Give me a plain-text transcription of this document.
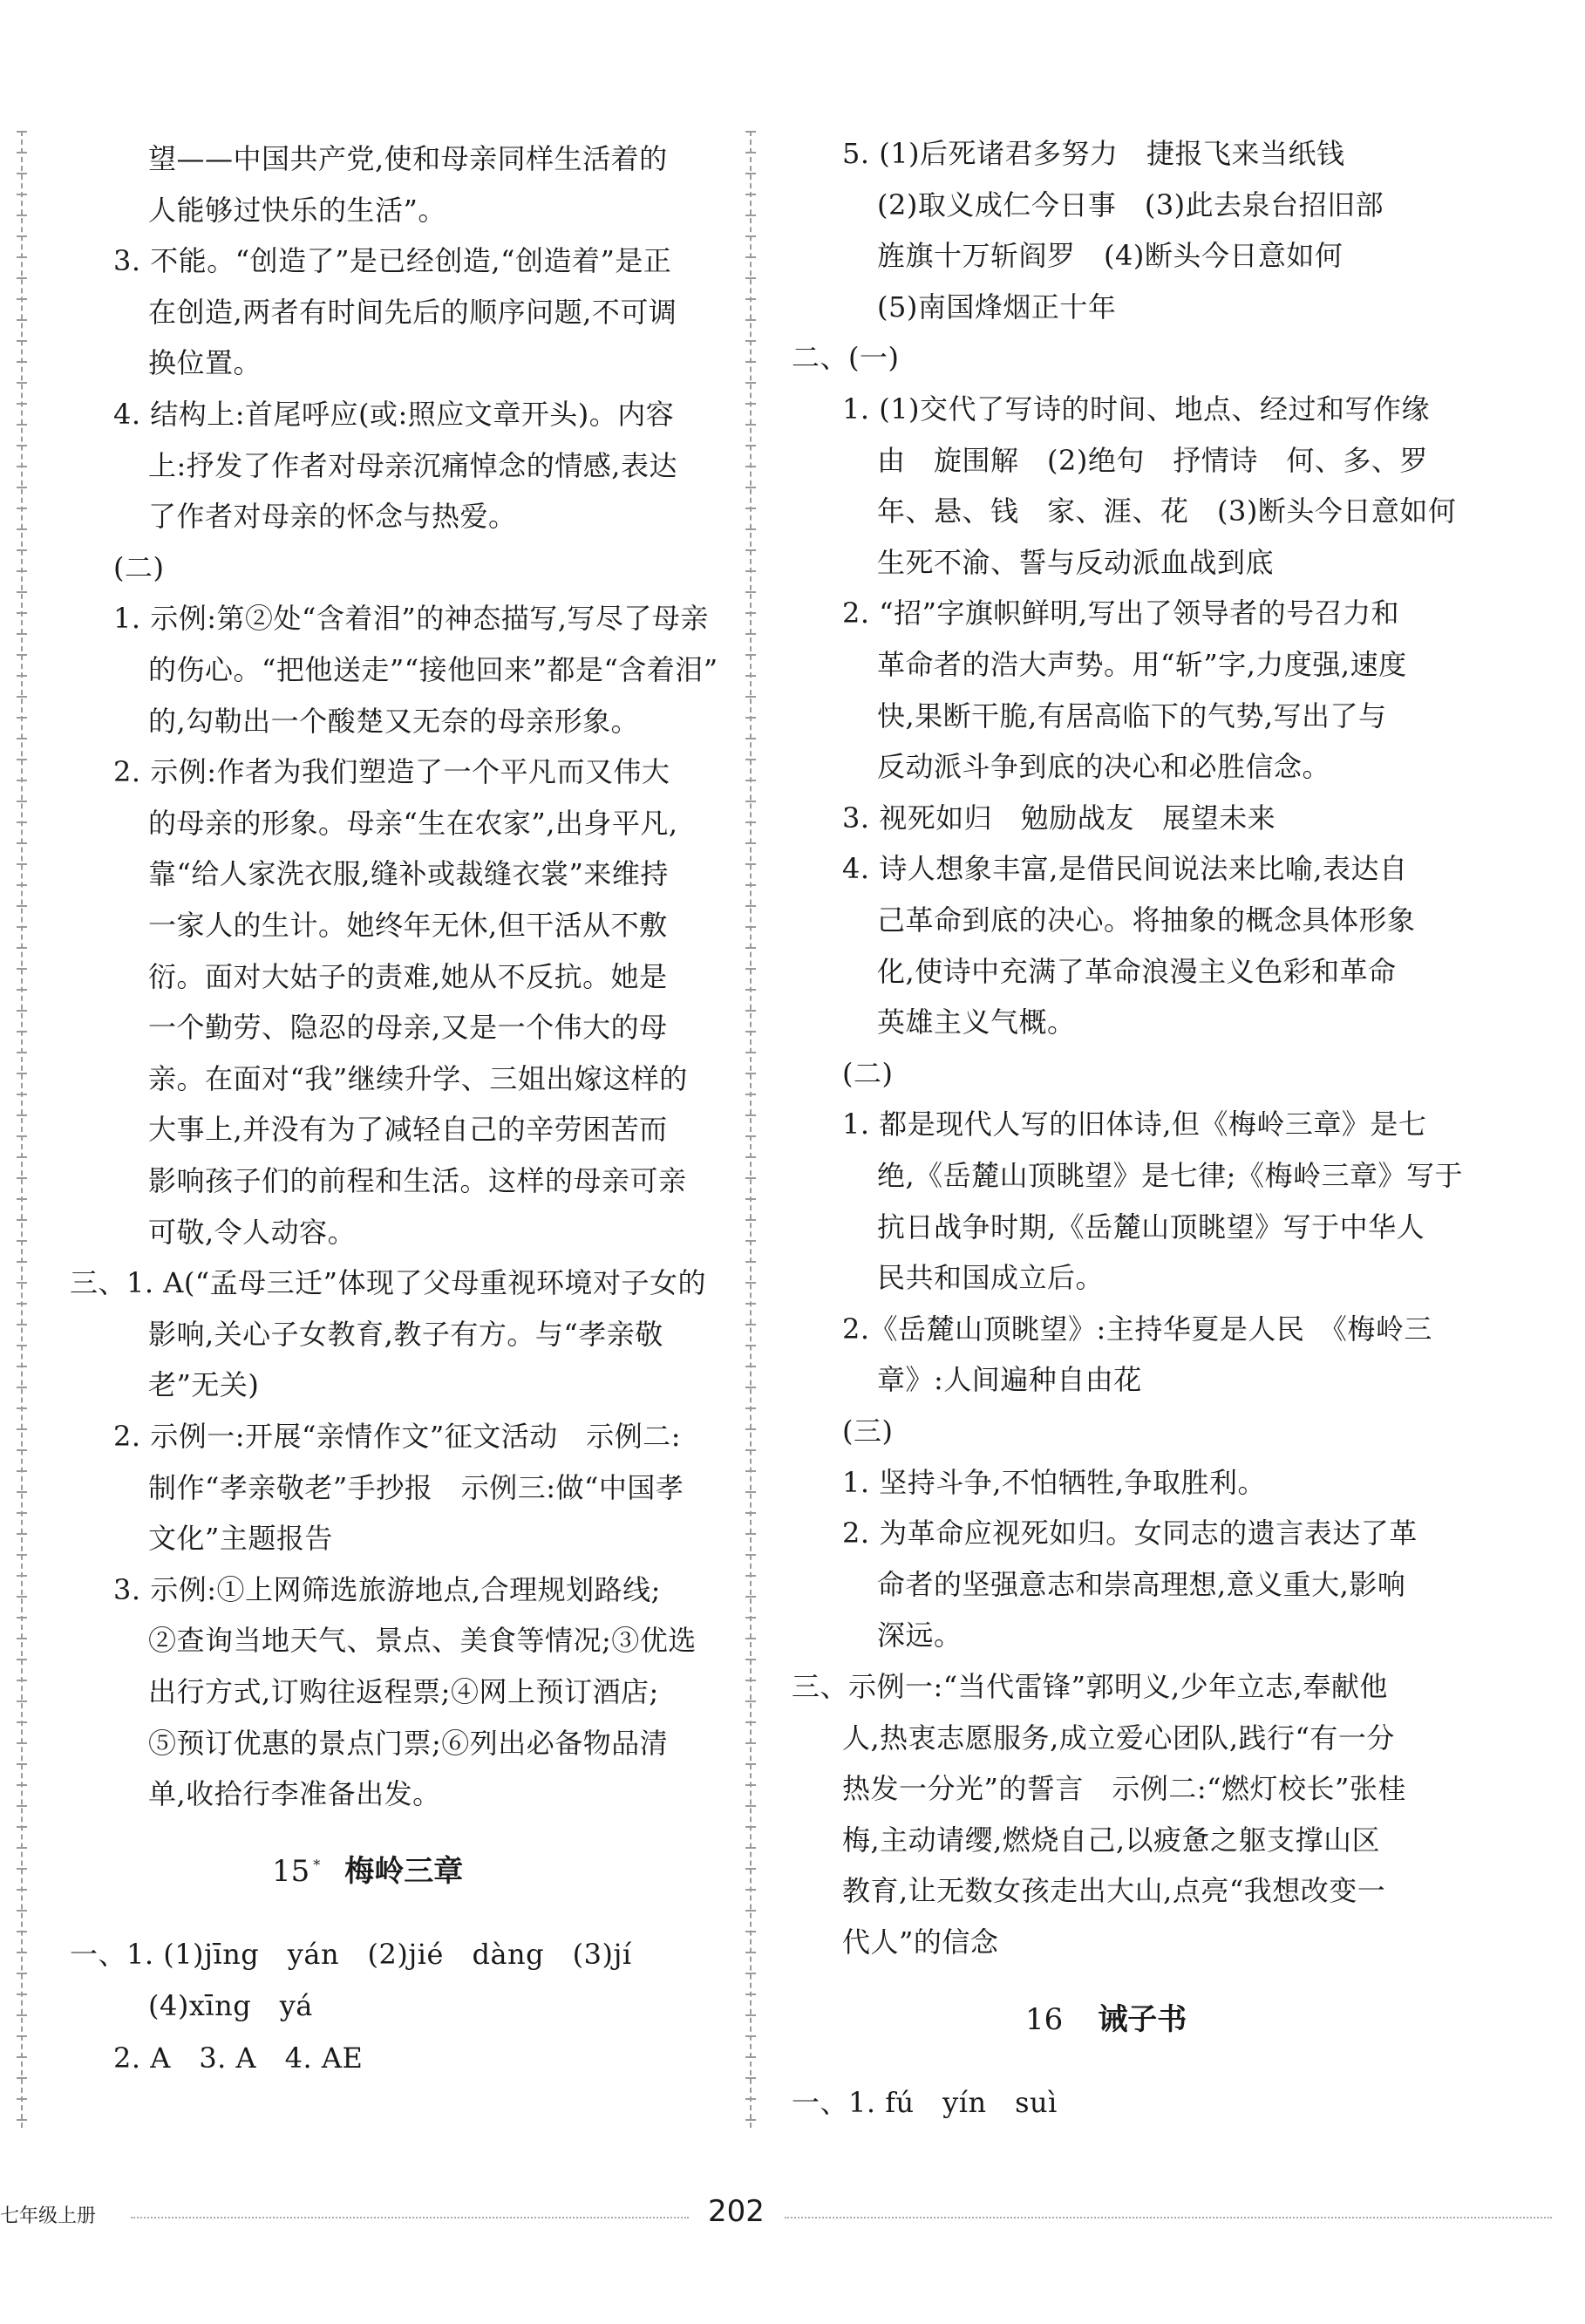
望——中国共产党,使和母亲同样生活着的
人能够过快乐的生活”。
3. 不能。“创造了”是已经创造,“创造着”是正
在创造,两者有时间先后的顺序问题,不可调
换位置。
4. 结构上:首尾呼应(或:照应文章开头)。内容
上:抒发了作者对母亲沉痛悼念的情感,表达
了作者对母亲的怀念与热爱。
(二)
1. 示例:第②处“含着泪”的神态描写,写尽了母亲
的伤心。“把他送走”“接他回来”都是“含着泪”
的,勾勒出一个酸楚又无奈的母亲形象。
2. 示例:作者为我们塑造了一个平凡而又伟大
的母亲的形象。母亲“生在农家”,出身平凡,
靠“给人家洗衣服,缝补或裁缝衣裳”来维持
一家人的生计。她终年无休,但干活从不敷
衍。面对大姑子的责难,她从不反抗。她是
一个勤劳、隐忍的母亲,又是一个伟大的母
亲。在面对“我”继续升学、三姐出嫁这样的
大事上,并没有为了减轻自己的辛劳困苦而
影响孩子们的前程和生活。这样的母亲可亲
可敬,令人动容。
三、1. A(“孟母三迁”体现了父母重视环境对子女的
影响,关心子女教育,教子有方。与“孝亲敬
老”无关)
2. 示例一:开展“亲情作文”征文活动　示例二:
制作“孝亲敬老”手抄报　示例三:做“中国孝
文化”主题报告
3. 示例:①上网筛选旅游地点,合理规划路线;
②查询当地天气、景点、美食等情况;③优选
出行方式,订购往返程票;④网上预订酒店;
⑤预订优惠的景点门票;⑥列出必备物品清
单,收拾行李准备出发。
15 * 梅岭三章
一、1. (1)jīng　yán　(2)jié　dàng　(3)jí
(4)xīng　yá
2. A　3. A　4. AE
5. (1)后死诸君多努力　捷报飞来当纸钱
(2)取义成仁今日事　(3)此去泉台招旧部
旌旗十万斩阎罗　(4)断头今日意如何
(5)南国烽烟正十年
二、(一)
1. (1)交代了写诗的时间、地点、经过和写作缘
由　旋围解　(2)绝句　抒情诗　何、多、罗
年、悬、钱　家、涯、花　(3)断头今日意如何
生死不渝、誓与反动派血战到底
2. “招”字旗帜鲜明,写出了领导者的号召力和
革命者的浩大声势。用“斩”字,力度强,速度
快,果断干脆,有居高临下的气势,写出了与
反动派斗争到底的决心和必胜信念。
3. 视死如归　勉励战友　展望未来
4. 诗人想象丰富,是借民间说法来比喻,表达自
己革命到底的决心。将抽象的概念具体形象
化,使诗中充满了革命浪漫主义色彩和革命
英雄主义气概。
(二)
1. 都是现代人写的旧体诗,但《梅岭三章》是七
绝,《岳麓山顶眺望》是七律;《梅岭三章》写于
抗日战争时期,《岳麓山顶眺望》写于中华人
民共和国成立后。
2.《岳麓山顶眺望》:主持华夏是人民　《梅岭三
章》:人间遍种自由花
(三)
1. 坚持斗争,不怕牺牲,争取胜利。
2. 为革命应视死如归。女同志的遗言表达了革
命者的坚强意志和崇高理想,意义重大,影响
深远。
三、示例一:“当代雷锋”郭明义,少年立志,奉献他
人,热衷志愿服务,成立爱心团队,践行“有一分
热发一分光”的誓言　示例二:“燃灯校长”张桂
梅,主动请缨,燃烧自己,以疲惫之躯支撑山区
教育,让无数女孩走出大山,点亮“我想改变一
代人”的信念
16 诫子书
一、1. fú　yín　suì
七年级上册	202
